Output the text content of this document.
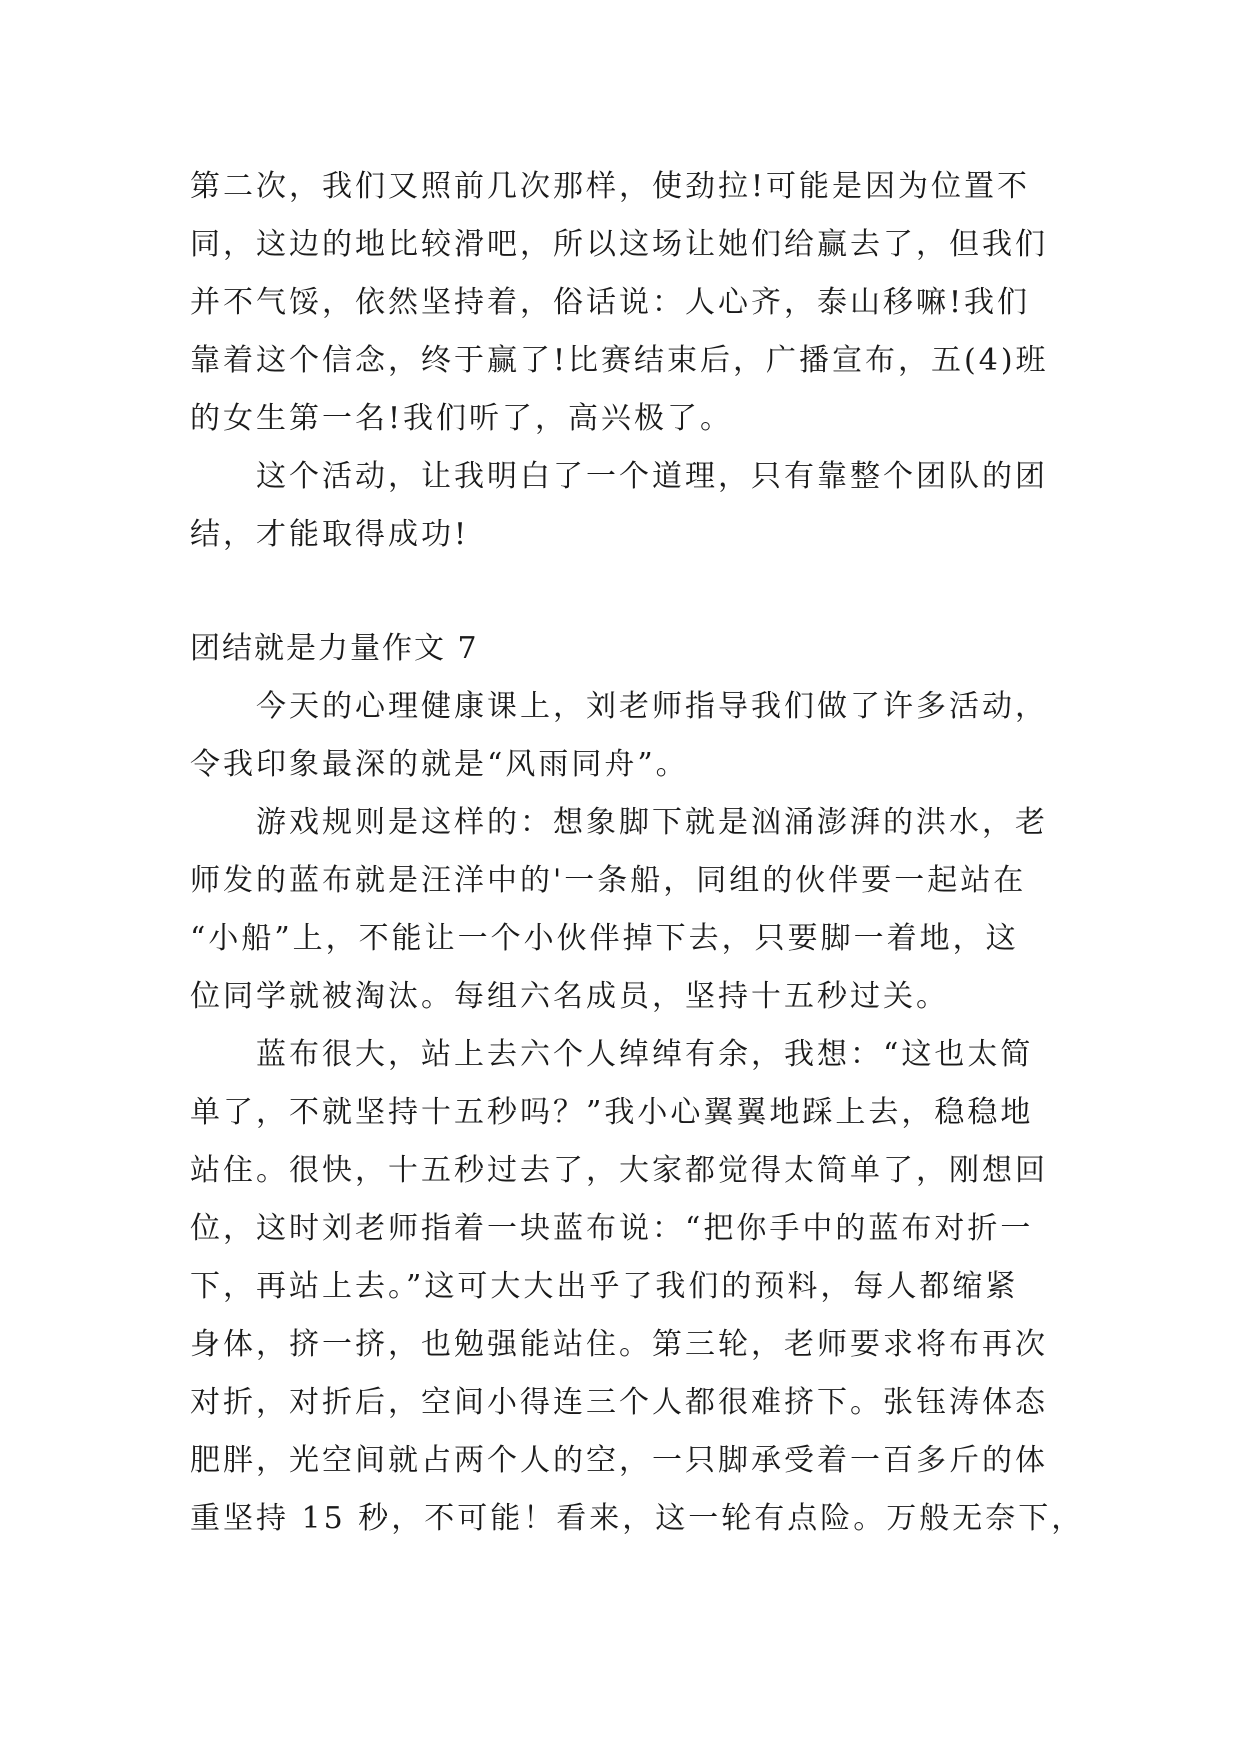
第二次，我们又照前几次那样，使劲拉!可能是因为位置不
同，这边的地比较滑吧，所以这场让她们给赢去了，但我们
并不气馁，依然坚持着，俗话说：人心齐，泰山移嘛!我们
靠着这个信念，终于赢了!比赛结束后，广播宣布，五(4)班
的女生第一名!我们听了，高兴极了。
这个活动，让我明白了一个道理，只有靠整个团队的团
结，才能取得成功!
团结就是力量作文 7
今天的心理健康课上，刘老师指导我们做了许多活动，
令我印象最深的就是“风雨同舟”。
游戏规则是这样的：想象脚下就是汹涌澎湃的洪水，老
师发的蓝布就是汪洋中的'一条船，同组的伙伴要一起站在
“小船”上，不能让一个小伙伴掉下去，只要脚一着地，这
位同学就被淘汰。每组六名成员，坚持十五秒过关。
蓝布很大，站上去六个人绰绰有余，我想：“这也太简
单了，不就坚持十五秒吗？”我小心翼翼地踩上去，稳稳地
站住。很快，十五秒过去了，大家都觉得太简单了，刚想回
位，这时刘老师指着一块蓝布说：“把你手中的蓝布对折一
下，再站上去。”这可大大出乎了我们的预料，每人都缩紧
身体，挤一挤，也勉强能站住。第三轮，老师要求将布再次
对折，对折后，空间小得连三个人都很难挤下。张钰涛体态
肥胖，光空间就占两个人的空，一只脚承受着一百多斤的体
重坚持 15 秒，不可能！看来，这一轮有点险。万般无奈下，
